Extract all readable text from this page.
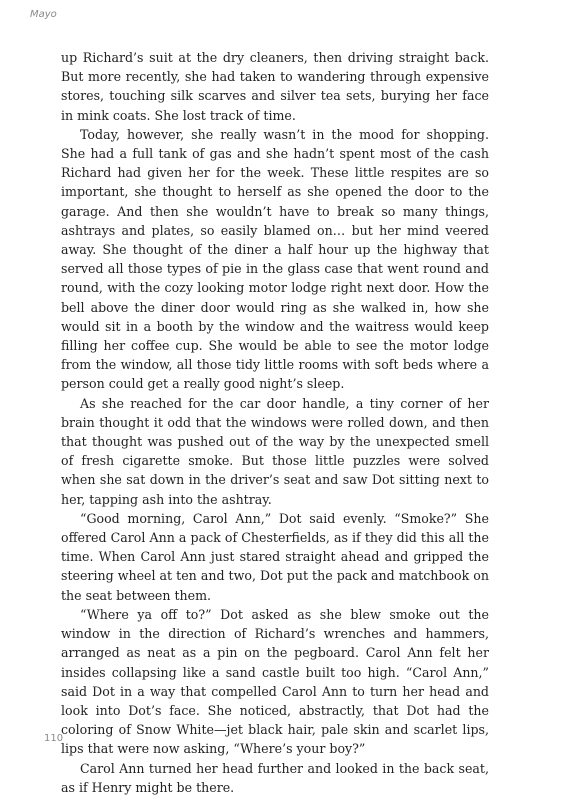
Mayo

up Richard’s suit at the dry cleaners, then driving straight back. But more recently, she had taken to wandering through expensive stores, touching silk scarves and silver tea sets, burying her face in mink coats. She lost track of time.

Today, however, she really wasn’t in the mood for shopping. She had a full tank of gas and she hadn’t spent most of the cash Richard had given her for the week. These little respites are so important, she thought to herself as she opened the door to the garage. And then she wouldn’t have to break so many things, ashtrays and plates, so easily blamed on… but her mind veered away. She thought of the diner a half hour up the highway that served all those types of pie in the glass case that went round and round, with the cozy looking motor lodge right next door. How the bell above the diner door would ring as she walked in, how she would sit in a booth by the window and the waitress would keep filling her coffee cup. She would be able to see the motor lodge from the window, all those tidy little rooms with soft beds where a person could get a really good night’s sleep.

As she reached for the car door handle, a tiny corner of her brain thought it odd that the windows were rolled down, and then that thought was pushed out of the way by the unexpected smell of fresh cigarette smoke. But those little puzzles were solved when she sat down in the driver’s seat and saw Dot sitting next to her, tapping ash into the ashtray.

“Good morning, Carol Ann,” Dot said evenly. “Smoke?” She offered Carol Ann a pack of Chesterfields, as if they did this all the time. When Carol Ann just stared straight ahead and gripped the steering wheel at ten and two, Dot put the pack and matchbook on the seat between them.

“Where ya off to?” Dot asked as she blew smoke out the window in the direction of Richard’s wrenches and hammers, arranged as neat as a pin on the pegboard. Carol Ann felt her insides collapsing like a sand castle built too high. “Carol Ann,” said Dot in a way that compelled Carol Ann to turn her head and look into Dot’s face. She noticed, abstractly, that Dot had the coloring of Snow White—jet black hair, pale skin and scarlet lips, lips that were now asking, “Where’s your boy?”

Carol Ann turned her head further and looked in the back seat, as if Henry might be there.

110
